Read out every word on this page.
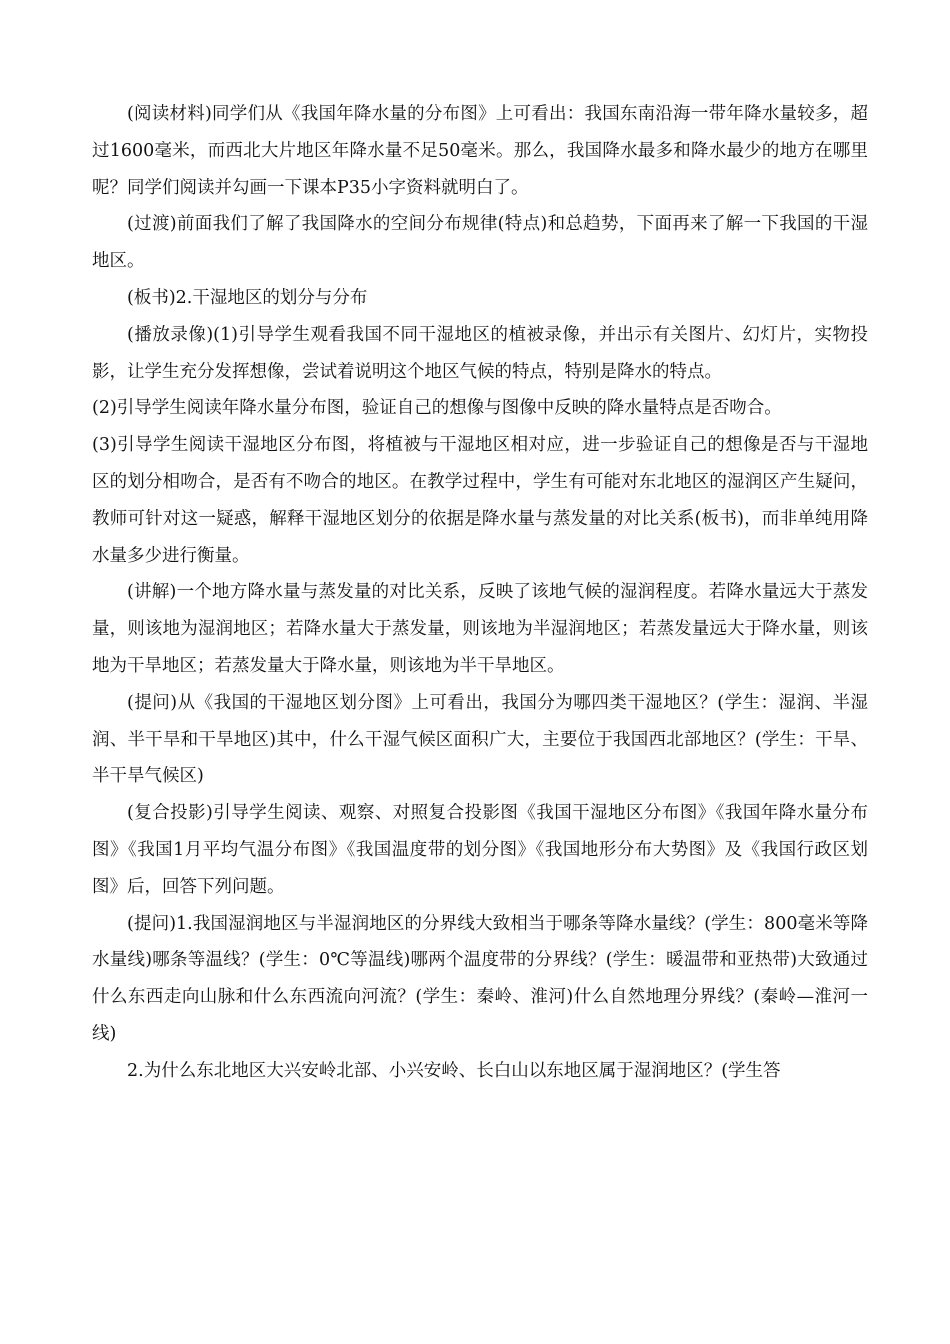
(阅读材料)同学们从《我国年降水量的分布图》上可看出：我国东南沿海一带年降水量较多，超过1600毫米，而西北大片地区年降水量不足50毫米。那么，我国降水最多和降水最少的地方在哪里呢？同学们阅读并勾画一下课本P35小字资料就明白了。

(过渡)前面我们了解了我国降水的空间分布规律(特点)和总趋势，下面再来了解一下我国的干湿地区。

(板书)2.干湿地区的划分与分布

(播放录像)(1)引导学生观看我国不同干湿地区的植被录像，并出示有关图片、幻灯片，实物投影，让学生充分发挥想像，尝试着说明这个地区气候的特点，特别是降水的特点。

(2)引导学生阅读年降水量分布图，验证自己的想像与图像中反映的降水量特点是否吻合。

(3)引导学生阅读干湿地区分布图，将植被与干湿地区相对应，进一步验证自己的想像是否与干湿地区的划分相吻合，是否有不吻合的地区。在教学过程中，学生有可能对东北地区的湿润区产生疑问，教师可针对这一疑惑，解释干湿地区划分的依据是降水量与蒸发量的对比关系(板书)，而非单纯用降水量多少进行衡量。

(讲解)一个地方降水量与蒸发量的对比关系，反映了该地气候的湿润程度。若降水量远大于蒸发量，则该地为湿润地区；若降水量大于蒸发量，则该地为半湿润地区；若蒸发量远大于降水量，则该地为干旱地区；若蒸发量大于降水量，则该地为半干旱地区。

(提问)从《我国的干湿地区划分图》上可看出，我国分为哪四类干湿地区？(学生：湿润、半湿润、半干旱和干旱地区)其中，什么干湿气候区面积广大，主要位于我国西北部地区？(学生：干旱、半干旱气候区)

(复合投影)引导学生阅读、观察、对照复合投影图《我国干湿地区分布图》《我国年降水量分布图》《我国1月平均气温分布图》《我国温度带的划分图》《我国地形分布大势图》及《我国行政区划图》后，回答下列问题。

(提问)1.我国湿润地区与半湿润地区的分界线大致相当于哪条等降水量线？(学生：800毫米等降水量线)哪条等温线？(学生：0℃等温线)哪两个温度带的分界线？(学生：暖温带和亚热带)大致通过什么东西走向山脉和什么东西流向河流？(学生：秦岭、淮河)什么自然地理分界线？(秦岭—淮河一线)

2.为什么东北地区大兴安岭北部、小兴安岭、长白山以东地区属于湿润地区？(学生答
